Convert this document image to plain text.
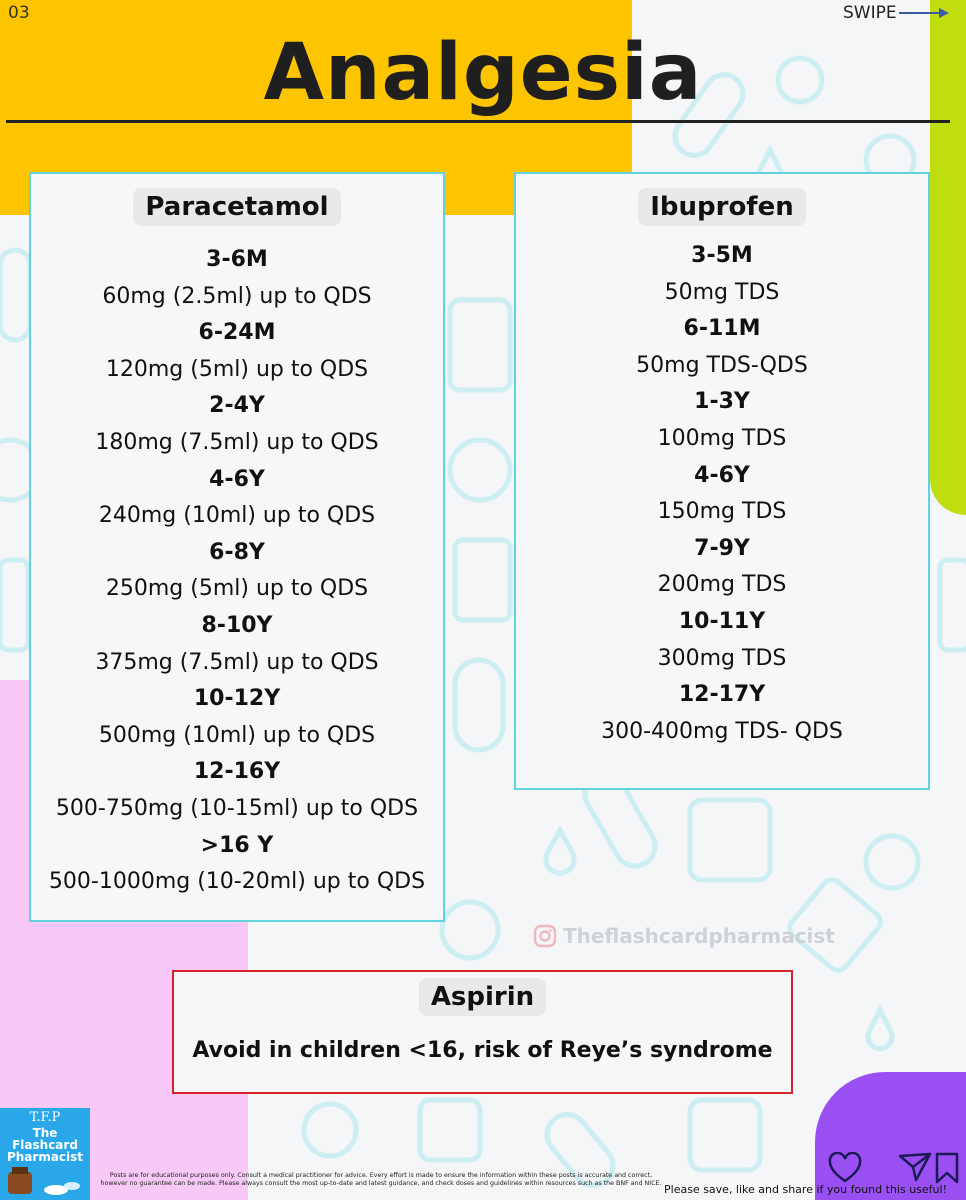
03	SWIPE
Analgesia
Paracetamol
3-6M
60mg (2.5ml) up to QDS
6-24M
120mg (5ml) up to QDS
2-4Y
180mg (7.5ml) up to QDS
4-6Y
240mg (10ml) up to QDS
6-8Y
250mg (5ml) up to QDS
8-10Y
375mg (7.5ml) up to QDS
10-12Y
500mg (10ml) up to QDS
12-16Y
500-750mg (10-15ml) up to QDS
>16 Y
500-1000mg (10-20ml) up to QDS
Ibuprofen
3-5M
50mg TDS
6-11M
50mg TDS-QDS
1-3Y
100mg TDS
4-6Y
150mg TDS
7-9Y
200mg TDS
10-11Y
300mg TDS
12-17Y
300-400mg TDS- QDS
Theflashcardpharmacist
Aspirin
Avoid in children <16, risk of Reye’s syndrome
T.F.P
The
Flashcard
Pharmacist
Posts are for educational purposes only. Consult a medical practitioner for advice. Every effort is made to ensure the information within these posts is accurate and correct, however no guarantee can be made. Please always consult the most up-to-date and latest guidance, and check doses and guidelines within resources such as the BNF and NICE. Please save, like and share if you found this useful!
